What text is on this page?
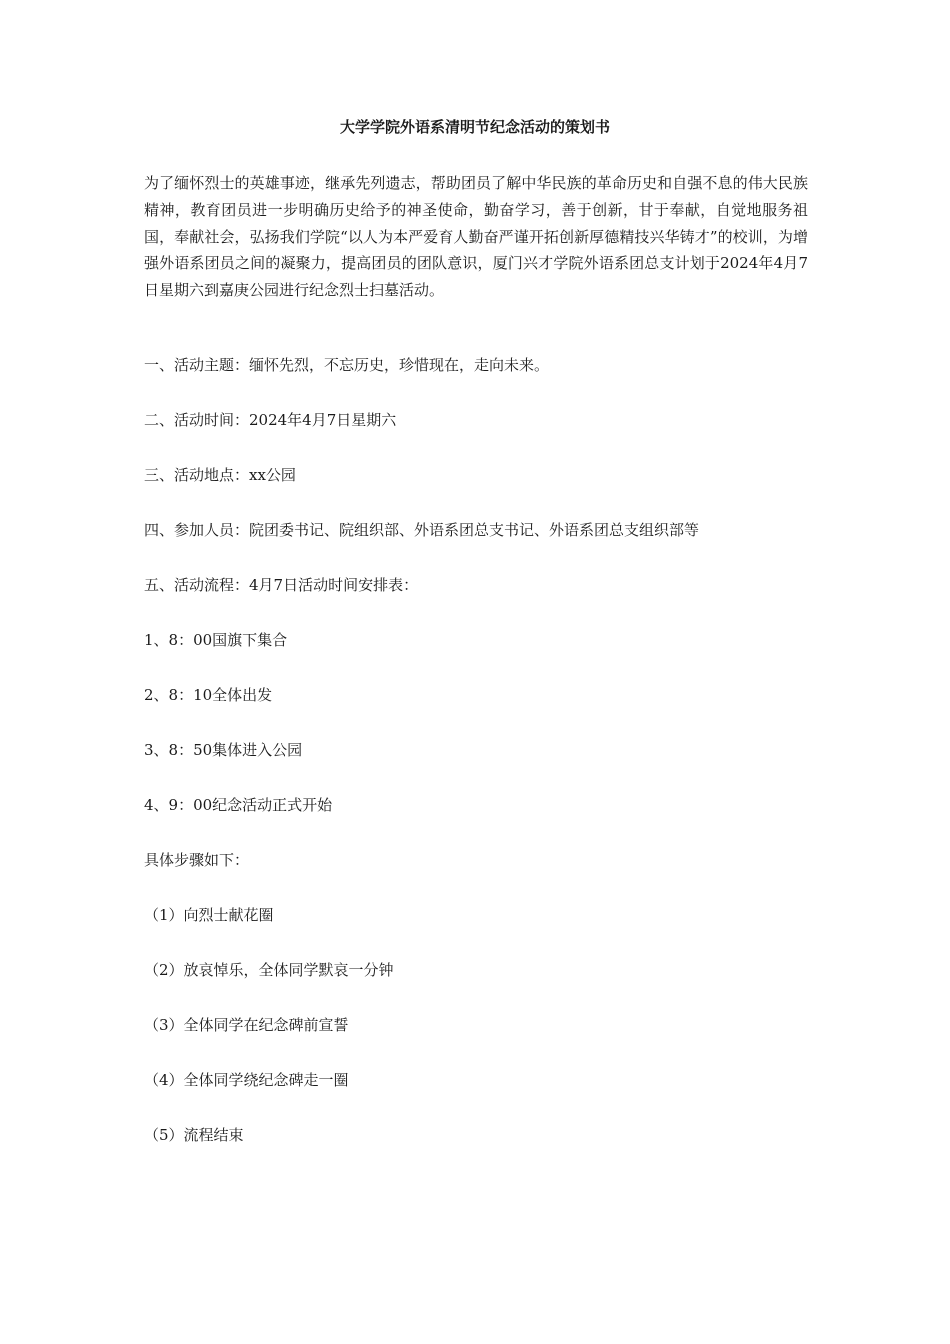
大学学院外语系清明节纪念活动的策划书

为了缅怀烈士的英雄事迹，继承先列遗志，帮助团员了解中华民族的革命历史和自强不息的伟大民族精神，教育团员进一步明确历史给予的神圣使命，勤奋学习，善于创新，甘于奉献，自觉地服务祖国，奉献社会，弘扬我们学院“以人为本严爱育人勤奋严谨开拓创新厚德精技兴华铸才”的校训，为增强外语系团员之间的凝聚力，提高团员的团队意识，厦门兴才学院外语系团总支计划于2024年4月7日星期六到嘉庚公园进行纪念烈士扫墓活动。

一、活动主题：缅怀先烈，不忘历史，珍惜现在，走向未来。

二、活动时间：2024年4月7日星期六

三、活动地点：xx公园

四、参加人员：院团委书记、院组织部、外语系团总支书记、外语系团总支组织部等

五、活动流程：4月7日活动时间安排表：

1、8：00国旗下集合

2、8：10全体出发

3、8：50集体进入公园

4、9：00纪念活动正式开始

具体步骤如下：

（1）向烈士献花圈

（2）放哀悼乐，全体同学默哀一分钟

（3）全体同学在纪念碑前宣誓

（4）全体同学绕纪念碑走一圈

（5）流程结束
